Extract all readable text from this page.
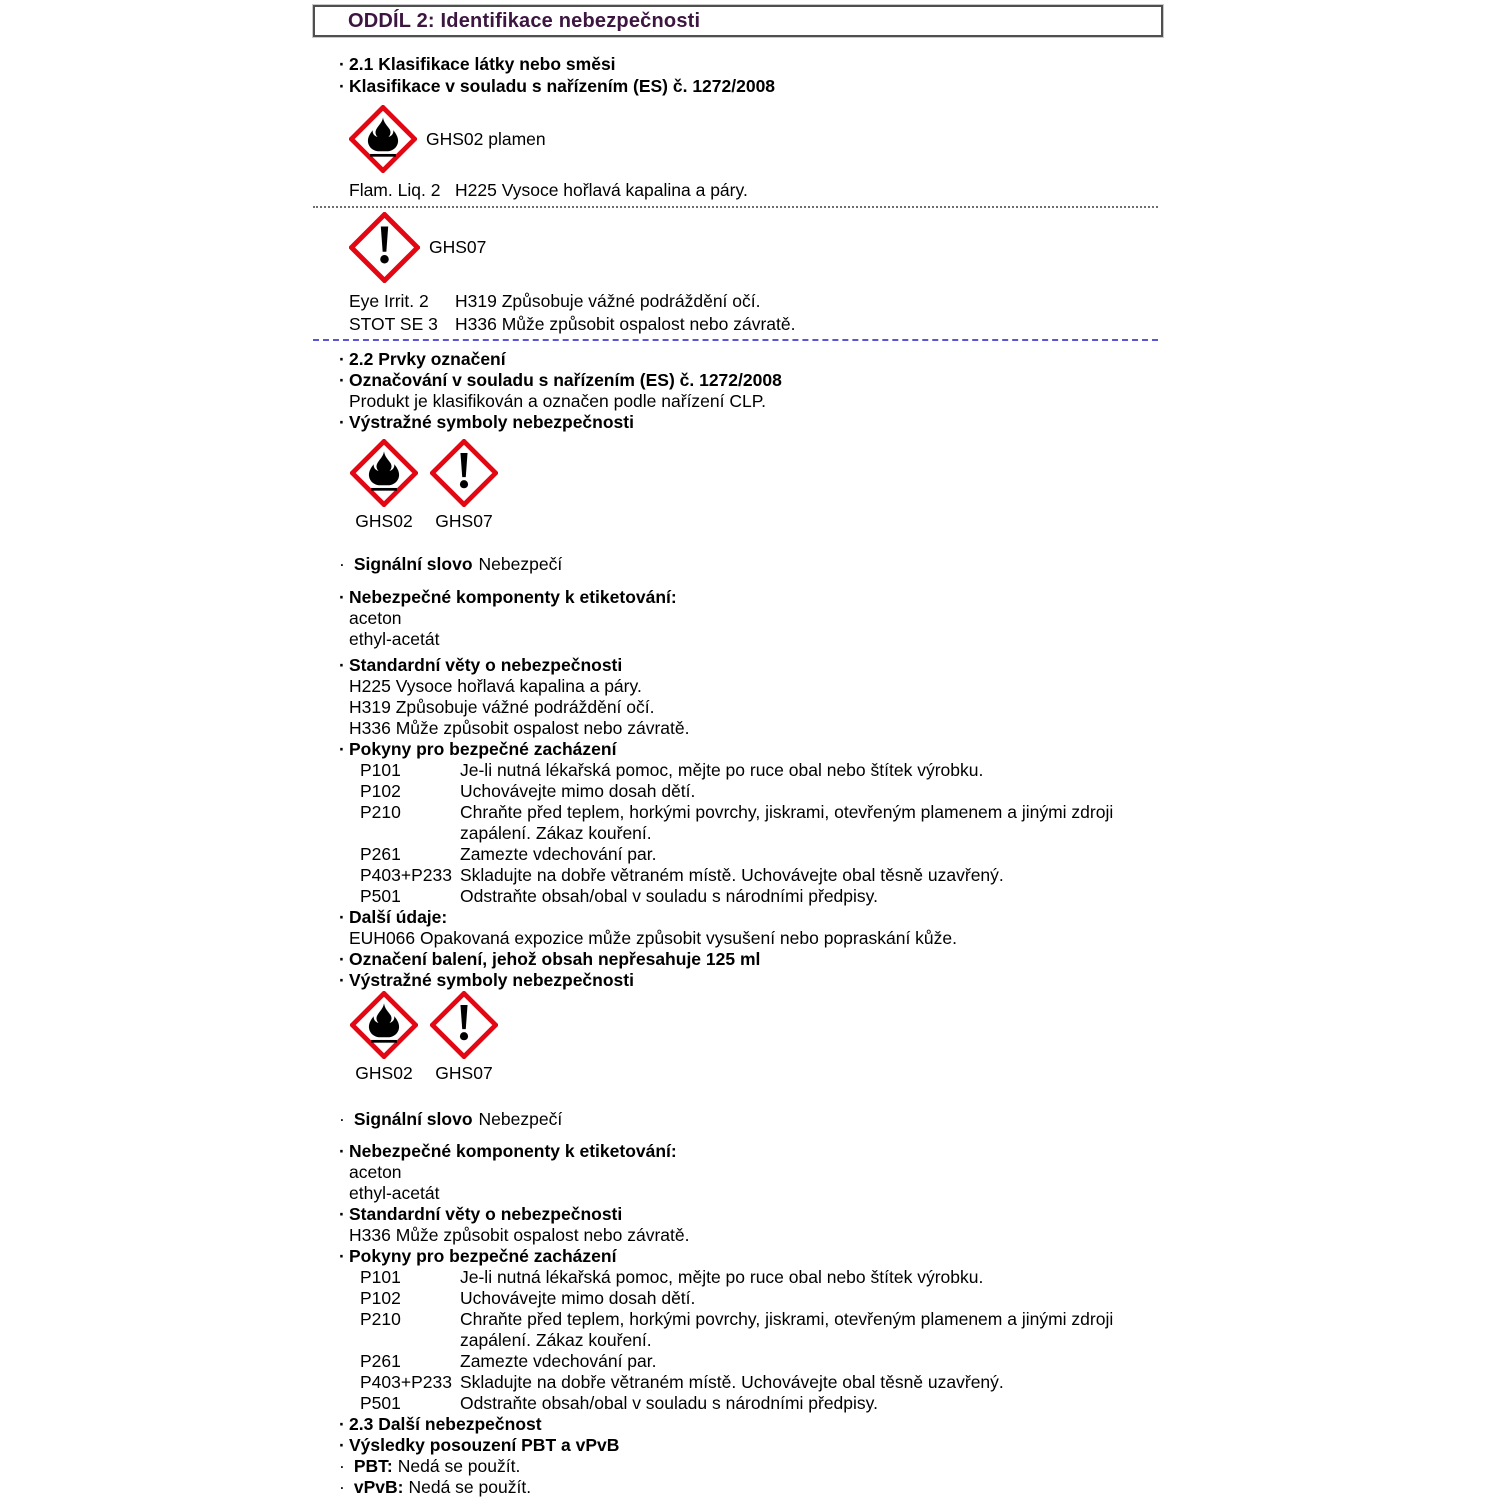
ODDÍL 2: Identifikace nebezpečnosti
· 2.1 Klasifikace látky nebo směsi
· Klasifikace v souladu s nařízením (ES) č. 1272/2008
GHS02 plamen
Flam. Liq. 2 H225 Vysoce hořlavá kapalina a páry.
GHS07
Eye Irrit. 2	H319 Způsobuje vážné podráždění očí.
STOT SE 3 H336 Může způsobit ospalost nebo závratě.
· 2.2 Prvky označení
· Označování v souladu s nařízením (ES) č. 1272/2008
Produkt je klasifikován a označen podle nařízení CLP.
· Výstražné symboly nebezpečnosti
GHS02 GHS07
· Signální slovo Nebezpečí
· Nebezpečné komponenty k etiketování:
aceton
ethyl-acetát
· Standardní věty o nebezpečnosti
H225 Vysoce hořlavá kapalina a páry.
H319 Způsobuje vážné podráždění očí.
H336 Může způsobit ospalost nebo závratě.
· Pokyny pro bezpečné zacházení
P101	Je-li nutná lékařská pomoc, mějte po ruce obal nebo štítek výrobku.
P102	Uchovávejte mimo dosah dětí.
P210	Chraňte před teplem, horkými povrchy, jiskrami, otevřeným plamenem a jinými zdroji zapálení. Zákaz kouření.
P261	Zamezte vdechování par.
P403+P233 Skladujte na dobře větraném místě. Uchovávejte obal těsně uzavřený.
P501	Odstraňte obsah/obal v souladu s národními předpisy.
· Další údaje:
EUH066 Opakovaná expozice může způsobit vysušení nebo popraskání kůže.
· Označení balení, jehož obsah nepřesahuje 125 ml
· Výstražné symboly nebezpečnosti
GHS02 GHS07
· Signální slovo Nebezpečí
· Nebezpečné komponenty k etiketování:
aceton
ethyl-acetát
· Standardní věty o nebezpečnosti
H336 Může způsobit ospalost nebo závratě.
· Pokyny pro bezpečné zacházení
P101	Je-li nutná lékařská pomoc, mějte po ruce obal nebo štítek výrobku.
P102	Uchovávejte mimo dosah dětí.
P210	Chraňte před teplem, horkými povrchy, jiskrami, otevřeným plamenem a jinými zdroji zapálení. Zákaz kouření.
P261	Zamezte vdechování par.
P403+P233 Skladujte na dobře větraném místě. Uchovávejte obal těsně uzavřený.
P501	Odstraňte obsah/obal v souladu s národními předpisy.
· 2.3 Další nebezpečnost
· Výsledky posouzení PBT a vPvB
· PBT: Nedá se použít.
· vPvB: Nedá se použít.
